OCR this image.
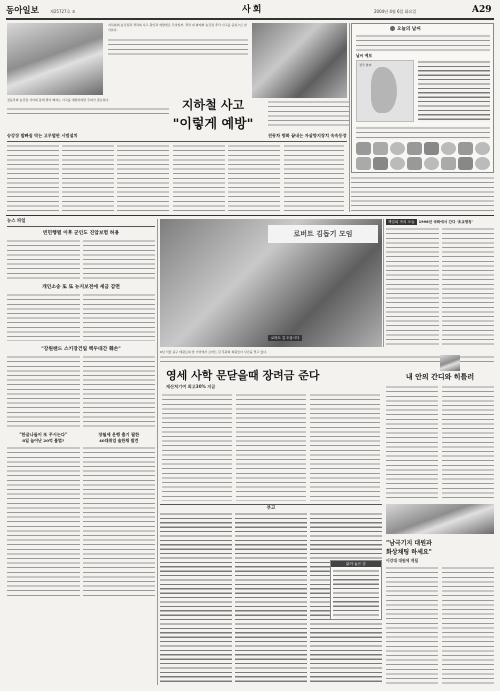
동아일보	제25727호 ③	사회	2004년 4월 6일 화요일	A29
지하철의 승강장과 객차의 사고 원인과 예방법은 무엇일까. 객차 내 화재와 승강장 추락 사고를 중심으로 알아본다.
전동차와 승강장 사이의 틈에 발이 빠지는 사고를 예방하려면 주의가 필요하다.	지하철 사고
"이렇게 예방"
승강장 발빠짐 막는 고무발판 시범설치	전동차 방화 끝내는 자살방지장치 속속등장
오늘의 날씨
날씨 예보
전국 날씨
뉴스 파일
빈민행렬 이후 군인도 진압보험 허용
개인소송 또 또 뉴지보전에 세금 감면
"강원랜드 스키장건립 백두대간 훼손"
"한글나들이 또 꾸시는다"
8일 늘어난 20억 불법?
장월세 운행 출기 필한
40대취업 술한채 발견
로버트 김돕기 모임
로버트 김 도움시다
6일 서울 중구 태평로의 한 거리에서 로버트 김 후원회 회원들이 사진을 찍고 있다.
책갈피 속의 오늘	1996년 국화에서 간다 '초교명칭'
영세 사학 문닫을때 장려금 준다
재산처기여 최고30% 지급
내 안의 간디와 히틀러
부고
닭아 놓은 감
"남극기지 대원과
화상채팅 하세요"
이강대 대원에 게될
